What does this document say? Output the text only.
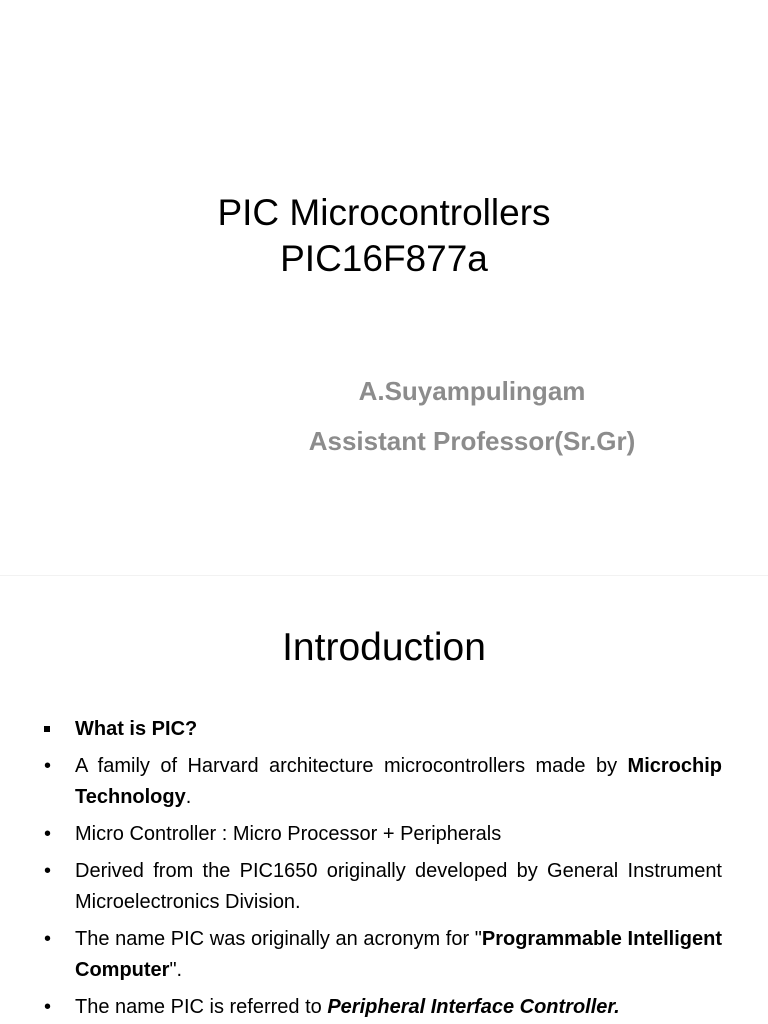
PIC Microcontrollers
PIC16F877a
A.Suyampulingam
Assistant Professor(Sr.Gr)
Introduction
What is PIC?
•	A family of Harvard architecture microcontrollers made by Microchip Technology.
•	Micro Controller : Micro Processor + Peripherals
•	Derived from the PIC1650 originally developed by General Instrument Microelectronics Division.
•	The name PIC was originally an acronym for "Programmable Intelligent Computer".
•	The name PIC is referred to Peripheral Interface Controller.
